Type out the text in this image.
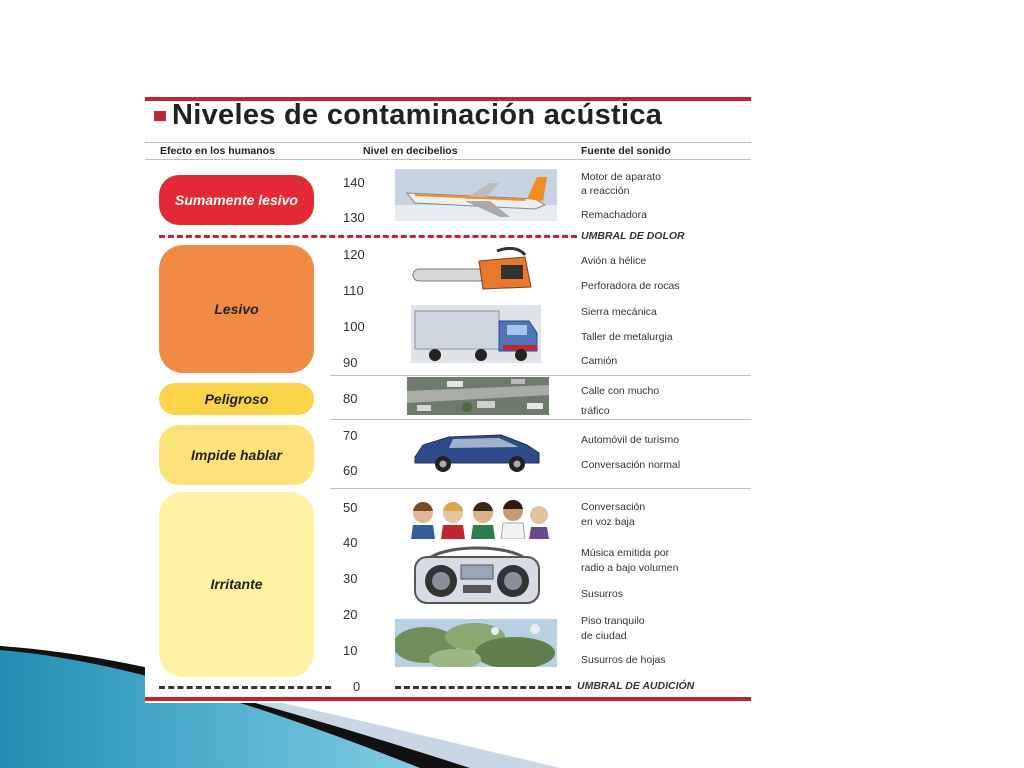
Niveles de contaminación acústica
Efecto en los humanos	Nivel en decibelios	Fuente del sonido
Sumamente lesivo
Lesivo
Peligroso
Impide hablar
Irritante
140
130
120
110
100
90
80
70
60
50
40
30
20
10
0
Motor de aparato
a reacción
Remachadora
Avión a hélice
Perforadora de rocas
Sierra mecánica
Taller de metalurgia
Camión
Calle con mucho
tráfico
Automóvil de turismo
Conversación normal
Conversación
en voz baja
Música emitida por
radio a bajo volumen
Susurros
Piso tranquilo
de ciudad
Susurros de hojas
UMBRAL DE DOLOR
UMBRAL DE AUDICIÓN
